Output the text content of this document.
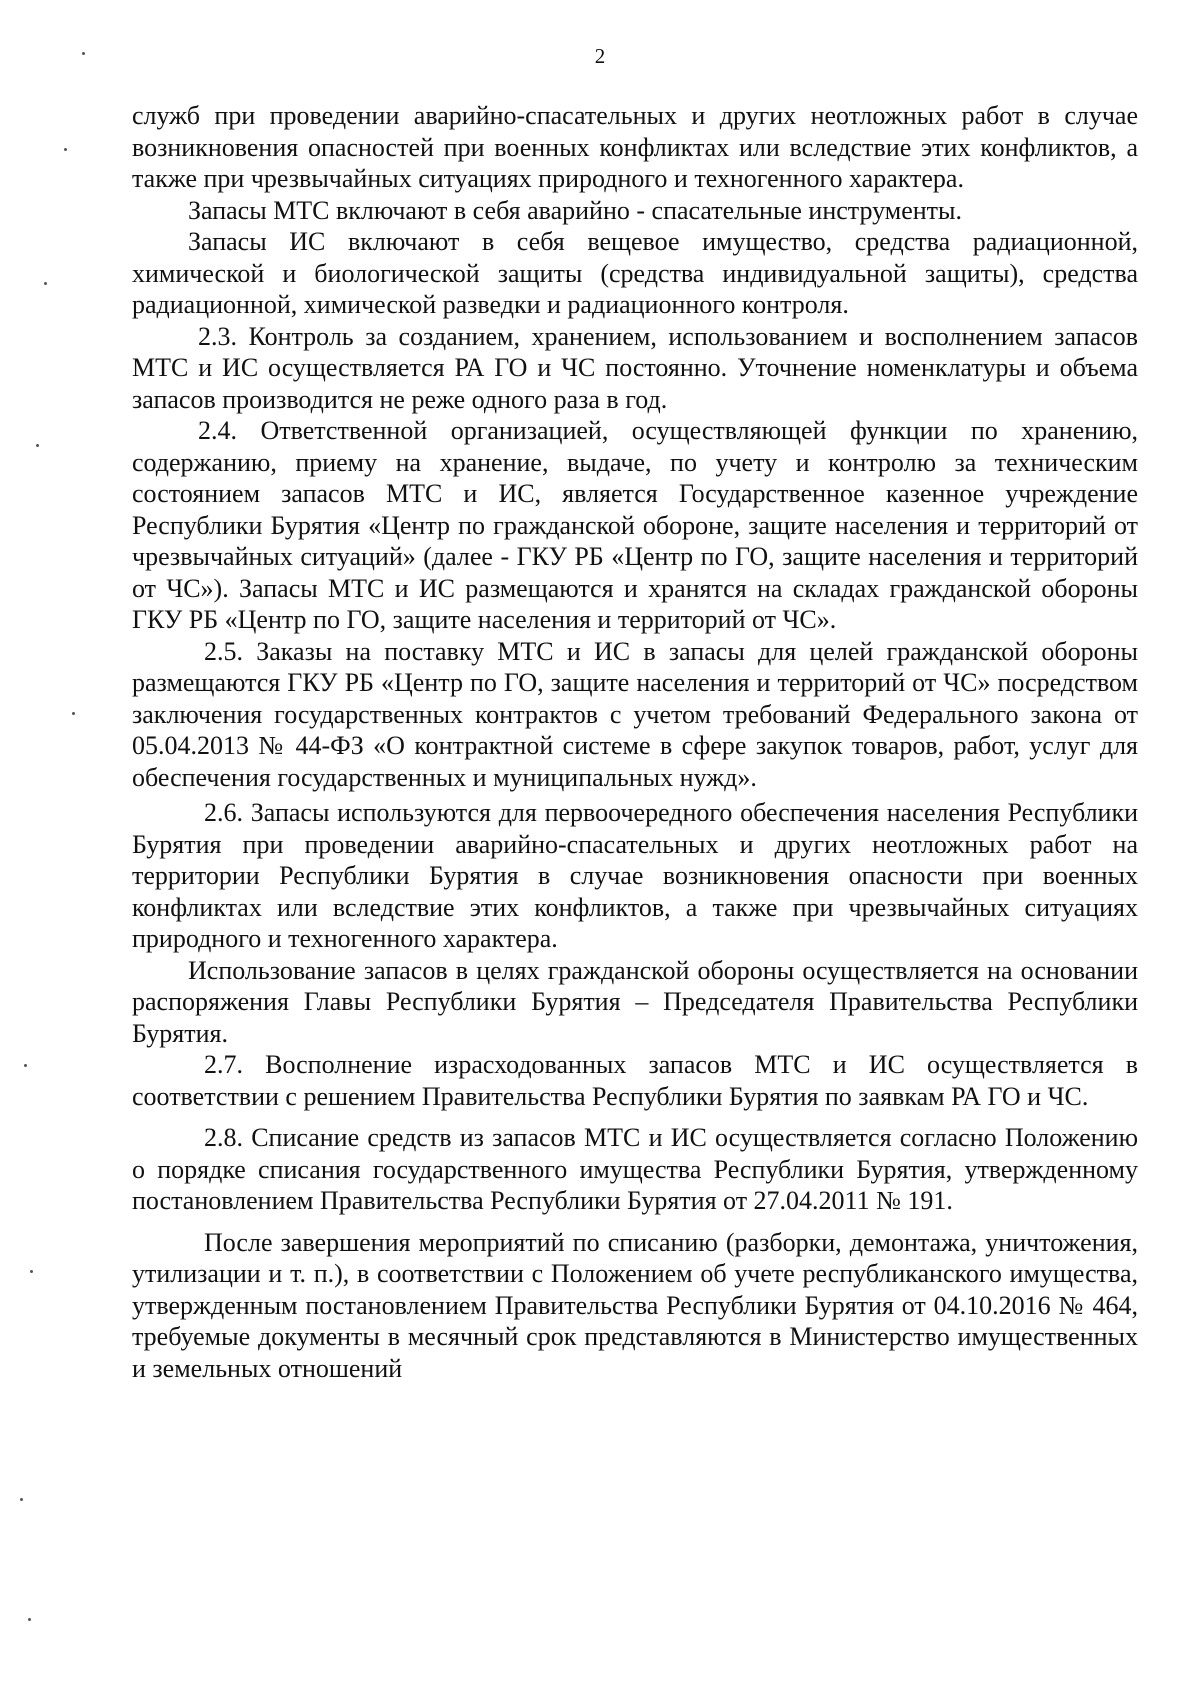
2

служб при проведении аварийно-спасательных и других неотложных работ в случае возникновения опасностей при военных конфликтах или вследствие этих конфликтов, а также при чрезвычайных ситуациях природного и техногенного характера.

Запасы МТС включают в себя аварийно - спасательные инструменты.

Запасы ИС включают в себя вещевое имущество, средства радиационной, химической и биологической защиты (средства индивидуальной защиты), средства радиационной, химической разведки и радиационного контроля.

2.3. Контроль за созданием, хранением, использованием и восполнением запасов МТС и ИС осуществляется РА ГО и ЧС постоянно. Уточнение номенклатуры и объема запасов производится не реже одного раза в год.

2.4. Ответственной организацией, осуществляющей функции по хранению, содержанию, приему на хранение, выдаче, по учету и контролю за техническим состоянием запасов МТС и ИС, является Государственное казенное учреждение Республики Бурятия «Центр по гражданской обороне, защите населения и территорий от чрезвычайных ситуаций» (далее - ГКУ РБ «Центр по ГО, защите населения и территорий от ЧС»). Запасы МТС и ИС размещаются и хранятся на складах гражданской обороны ГКУ РБ «Центр по ГО, защите населения и территорий от ЧС».

2.5. Заказы на поставку МТС и ИС в запасы для целей гражданской обороны размещаются ГКУ РБ «Центр по ГО, защите населения и территорий от ЧС» посредством заключения государственных контрактов с учетом требований Федерального закона от 05.04.2013 № 44-ФЗ «О контрактной системе в сфере закупок товаров, работ, услуг для обеспечения государственных и муниципальных нужд».

2.6. Запасы используются для первоочередного обеспечения населения Республики Бурятия при проведении аварийно-спасательных и других неотложных работ на территории Республики Бурятия в случае возникновения опасности при военных конфликтах или вследствие этих конфликтов, а также при чрезвычайных ситуациях природного и техногенного характера.

Использование запасов в целях гражданской обороны осуществляется на основании распоряжения Главы Республики Бурятия – Председателя Правительства Республики Бурятия.

2.7. Восполнение израсходованных запасов МТС и ИС осуществляется в соответствии с решением Правительства Республики Бурятия по заявкам РА ГО и ЧС.

2.8. Списание средств из запасов МТС и ИС осуществляется согласно Положению о порядке списания государственного имущества Республики Бурятия, утвержденному постановлением Правительства Республики Бурятия от 27.04.2011 № 191.

После завершения мероприятий по списанию (разборки, демонтажа, уничтожения, утилизации и т. п.), в соответствии с Положением об учете республиканского имущества, утвержденным постановлением Правительства Республики Бурятия от 04.10.2016 № 464, требуемые документы в месячный срок представляются в Министерство имущественных и земельных отношений
